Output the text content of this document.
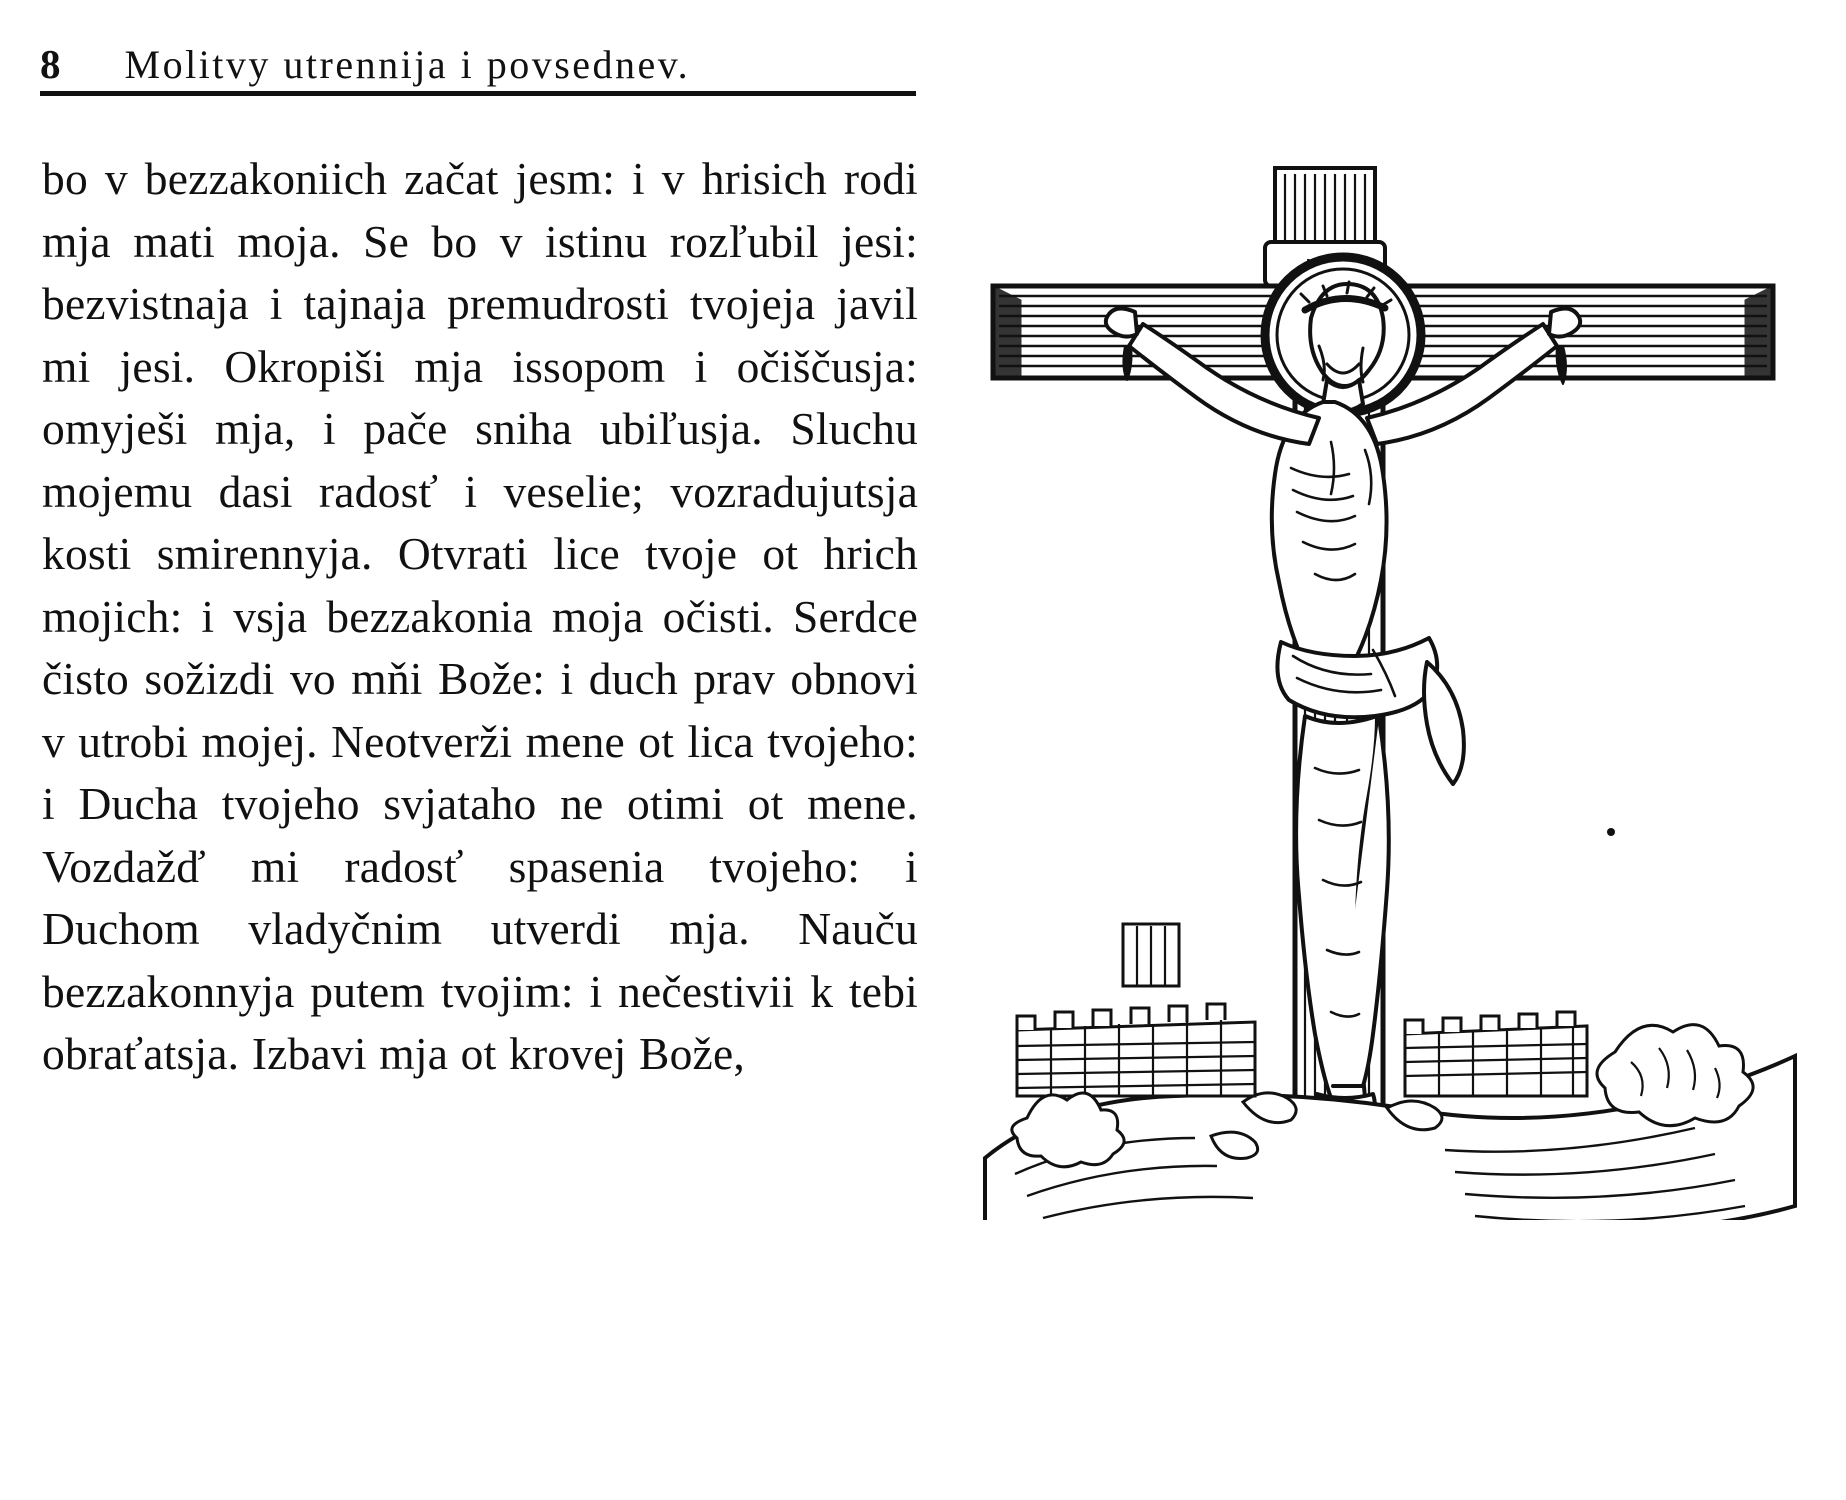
8 Molitvy utrennija i povsednev.

bo v bezzakoniich začat jesm: i v hrisich rodi mja mati moja. Se bo v istinu rozľubil jesi: bezvistnaja i tajnaja premudrosti tvojeja javil mi jesi. Okropiši mja issopom i očiščusja: omyješi mja, i pače sniha ubiľusja. Sluchu mojemu dasi radosť i veselie; vozradujutsja kosti smirennyja. Otvrati lice tvoje ot hrich mojich: i vsja bezzakonia moja očisti. Serdce čisto sožizdi vo mňi Bože: i duch prav obnovi v utrobi mojej. Neotverži mene ot lica tvojeho: i Ducha tvojeho svjataho ne otimi ot mene. Vozdažď mi radosť spasenia tvojeho: i Duchom vladyčnim utverdi mja. Nauču bezzakonnyja putem tvojim: i nečestivii k tebi obraťatsja. Izbavi mja ot krovej Bože,
